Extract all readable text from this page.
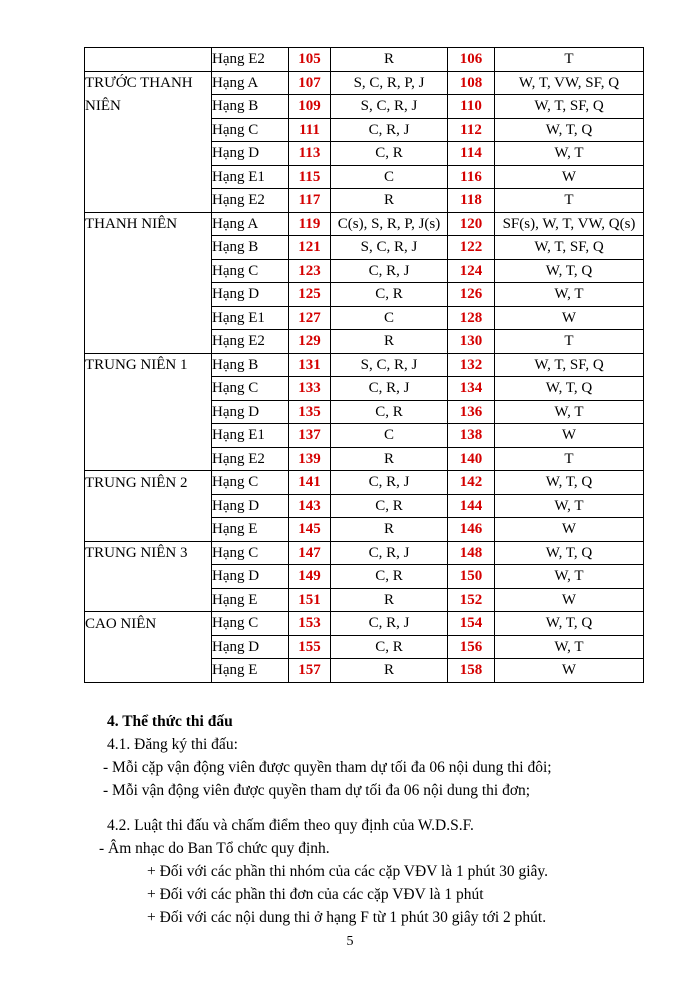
	Hạng E2	105	R	106	T
TRƯỚC THANH	Hạng A	107	S, C, R, P, J	108	W, T, VW, SF, Q
NIÊN	Hạng B	109	S, C, R, J	110	W, T, SF, Q
	Hạng C	111	C, R, J	112	W, T, Q
	Hạng D	113	C, R	114	W, T
	Hạng E1	115	C	116	W
	Hạng E2	117	R	118	T
THANH NIÊN	Hạng A	119	C(s), S, R, P, J(s)	120	SF(s), W, T, VW, Q(s)
	Hạng B	121	S, C, R, J	122	W, T, SF, Q
	Hạng C	123	C, R, J	124	W, T, Q
	Hạng D	125	C, R	126	W, T
	Hạng E1	127	C	128	W
	Hạng E2	129	R	130	T
TRUNG NIÊN 1	Hạng B	131	S, C, R, J	132	W, T, SF, Q
	Hạng C	133	C, R, J	134	W, T, Q
	Hạng D	135	C, R	136	W, T
	Hạng E1	137	C	138	W
	Hạng E2	139	R	140	T
TRUNG NIÊN 2	Hạng C	141	C, R, J	142	W, T, Q
	Hạng D	143	C, R	144	W, T
	Hạng E	145	R	146	W
TRUNG NIÊN 3	Hạng C	147	C, R, J	148	W, T, Q
	Hạng D	149	C, R	150	W, T
	Hạng E	151	R	152	W
CAO NIÊN	Hạng C	153	C, R, J	154	W, T, Q
	Hạng D	155	C, R	156	W, T
	Hạng E	157	R	158	W

4. Thể thức thi đấu

4.1. Đăng ký thi đấu:

- Mỗi cặp vận động viên được quyền tham dự tối đa 06 nội dung thi đôi;

- Mỗi vận động viên được quyền tham dự tối đa 06 nội dung thi đơn;

4.2. Luật thi đấu và chấm điểm theo quy định của W.D.S.F.

- Âm nhạc do Ban Tổ chức quy định.

+ Đối với các phần thi nhóm của các cặp VĐV là 1 phút 30 giây.

+ Đối với các phần thi đơn của các cặp VĐV là 1 phút

+ Đối với các nội dung thi ở hạng F từ 1 phút 30 giây tới 2 phút.

5
